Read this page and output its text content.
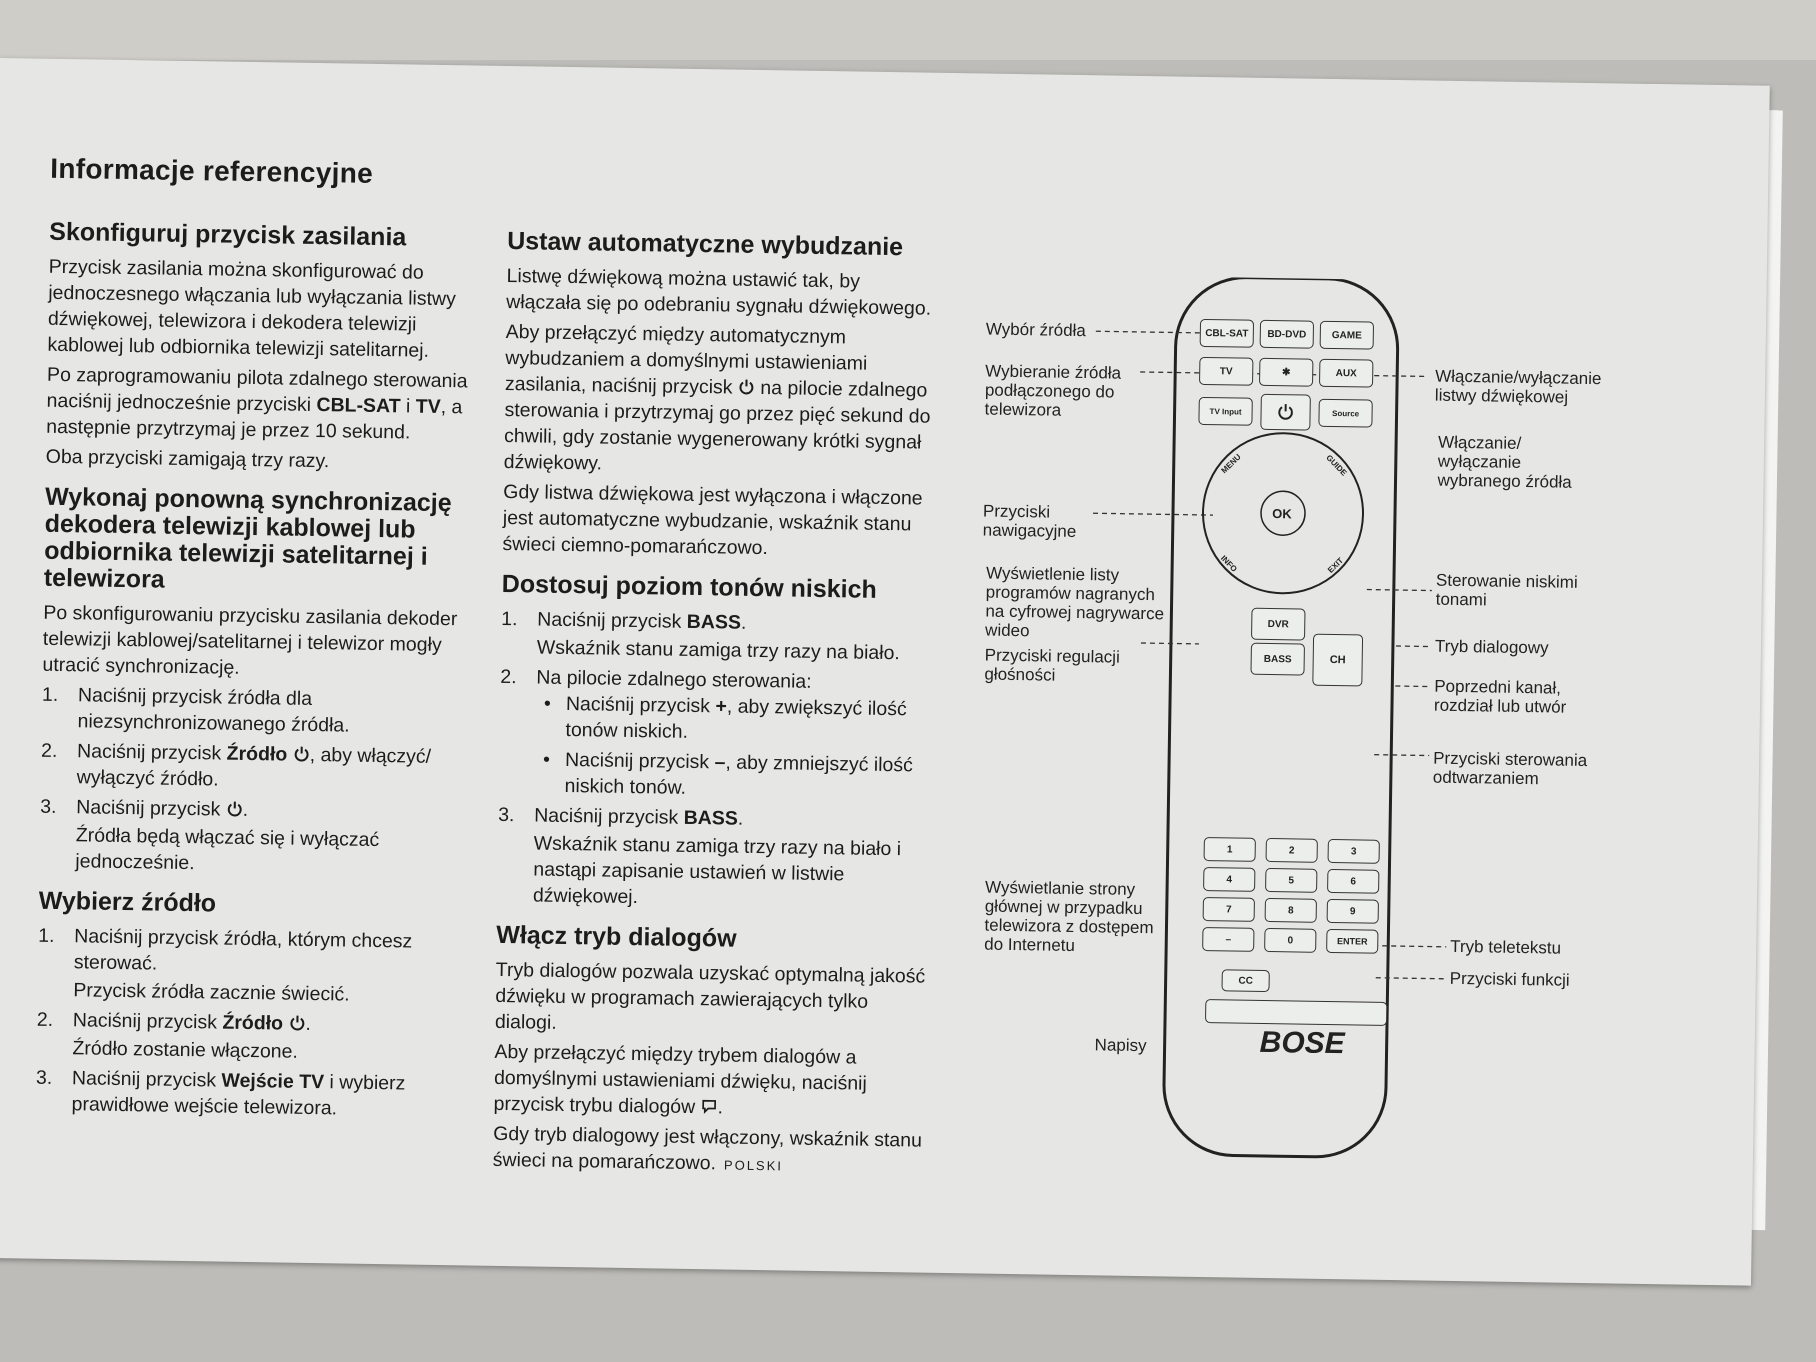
Informacje referencyjne
Skonfiguruj przycisk zasilania

Przycisk zasilania można skonfigurować do jednoczesnego włączania lub wyłączania listwy dźwiękowej, telewizora i dekodera telewizji kablowej lub odbiornika telewizji satelitarnej.

Po zaprogramowaniu pilota zdalnego sterowania naciśnij jednocześnie przyciski CBL-SAT i TV, a następnie przytrzymaj je przez 10 sekund.

Oba przyciski zamigają trzy razy.

Wykonaj ponowną synchronizację dekodera telewizji kablowej lub odbiornika telewizji satelitarnej i telewizora

Po skonfigurowaniu przycisku zasilania dekoder telewizji kablowej/satelitarnej i telewizor mogły utracić synchronizację.

1. Naciśnij przycisk źródła dla niezsynchronizowanego źródła.
2. Naciśnij przycisk Źródło , aby włączyć/ wyłączyć źródło.
3. Naciśnij przycisk .

Źródła będą włączać się i wyłączać jednocześnie.

Wybierz źródło
1. Naciśnij przycisk źródła, którym chcesz sterować.

Przycisk źródła zacznie świecić.

2. Naciśnij przycisk Źródło .

Źródło zostanie włączone.

3. Naciśnij przycisk Wejście TV i wybierz prawidłowe wejście telewizora.
Ustaw automatyczne wybudzanie

Listwę dźwiękową można ustawić tak, by włączała się po odebraniu sygnału dźwiękowego.

Aby przełączyć między automatycznym wybudzaniem a domyślnymi ustawieniami zasilania, naciśnij przycisk  na pilocie zdalnego sterowania i przytrzymaj go przez pięć sekund do chwili, gdy zostanie wygenerowany krótki sygnał dźwiękowy.

Gdy listwa dźwiękowa jest wyłączona i włączone jest automatyczne wybudzanie, wskaźnik stanu świeci ciemno-pomarańczowo.

Dostosuj poziom tonów niskich
1. Naciśnij przycisk BASS.

Wskaźnik stanu zamiga trzy razy na biało.

2. Na pilocie zdalnego sterowania:
• Naciśnij przycisk +, aby zwiększyć ilość tonów niskich.
• Naciśnij przycisk –, aby zmniejszyć ilość niskich tonów.
3. Naciśnij przycisk BASS.

Wskaźnik stanu zamiga trzy razy na biało i nastąpi zapisanie ustawień w listwie dźwiękowej.

Włącz tryb dialogów

Tryb dialogów pozwala uzyskać optymalną jakość dźwięku w programach zawierających tylko dialogi.

Aby przełączyć między trybem dialogów a domyślnymi ustawieniami dźwięku, naciśnij przycisk trybu dialogów .

Gdy tryb dialogowy jest włączony, wskaźnik stanu świeci na pomarańczowo. POLSKI

BOSE
CBL-SAT	BD-DVD	GAME
TV	✱	AUX
TV Input	Source
OK
MENU	GUIDE
INFO	EXIT
DVR
BASS	CH
1	2	3
4	5	6
7	8	9
–	0	ENTER
CC
Wybór źródła
Wybieranie źródła podłączonego do telewizora
Przyciski nawigacyjne
Wyświetlenie listy programów nagranych na cyfrowej nagrywarce wideo
Przyciski regulacji głośności
Wyświetlanie strony głównej w przypadku telewizora z dostępem do Internetu
Napisy
Włączanie/wyłączanie listwy dźwiękowej
Włączanie/ wyłączanie wybranego źródła
Sterowanie niskimi tonami
Tryb dialogowy
Poprzedni kanał, rozdział lub utwór
Przyciski sterowania odtwarzaniem
Tryb teletekstu
Przyciski funkcji
